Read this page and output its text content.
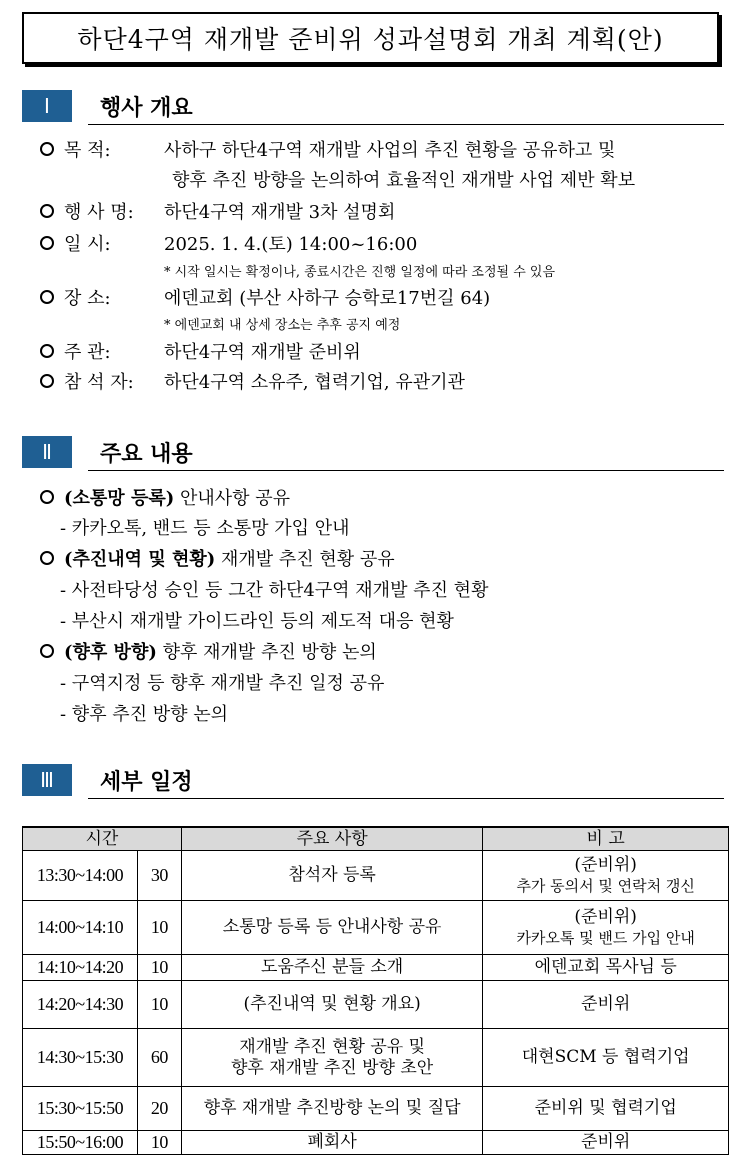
하단4구역 재개발 준비위 성과설명회 개최 계획(안)
Ⅰ	행사 개요
목 적:	사하구 하단4구역 재개발 사업의 추진 현황을 공유하고 및
향후 추진 방향을 논의하여 효율적인 재개발 사업 제반 확보
행 사 명: 하단4구역 재개발 3차 설명회
일 시:	2025. 1. 4.(토) 14:00~16:00
* 시작 일시는 확정이나, 종료시간은 진행 일정에 따라 조정될 수 있음
장 소:	에덴교회 (부산 사하구 승학로17번길 64)
* 에덴교회 내 상세 장소는 추후 공지 예정
주 관:	하단4구역 재개발 준비위
참 석 자: 하단4구역 소유주, 협력기업, 유관기관
Ⅱ	주요 내용
(소통망 등록) 안내사항 공유
- 카카오톡, 밴드 등 소통망 가입 안내
(추진내역 및 현황) 재개발 추진 현황 공유
- 사전타당성 승인 등 그간 하단4구역 재개발 추진 현황
- 부산시 재개발 가이드라인 등의 제도적 대응 현황
(향후 방향) 향후 재개발 추진 방향 논의
- 구역지정 등 향후 재개발 추진 일정 공유
- 향후 추진 방향 논의
Ⅲ	세부 일정
시간		주요 사항	비 고
13:30~14:00	30	참석자 등록	(준비위)
추가 동의서 및 연락처 갱신

14:00~14:10	10	소통망 등록 등 안내사항 공유	(준비위)
카카오톡 및 밴드 가입 안내

14:10~14:20	10	도움주신 분들 소개	에덴교회 목사님 등
14:20~14:30	10	(추진내역 및 현황 개요)	준비위
14:30~15:30	60	재개발 추진 현황 공유 및
향후 재개발 추진 방향 초안	대현SCM 등 협력기업
15:30~15:50	20	향후 재개발 추진방향 논의 및 질답	준비위 및 협력기업
15:50~16:00	10	폐회사	준비위
